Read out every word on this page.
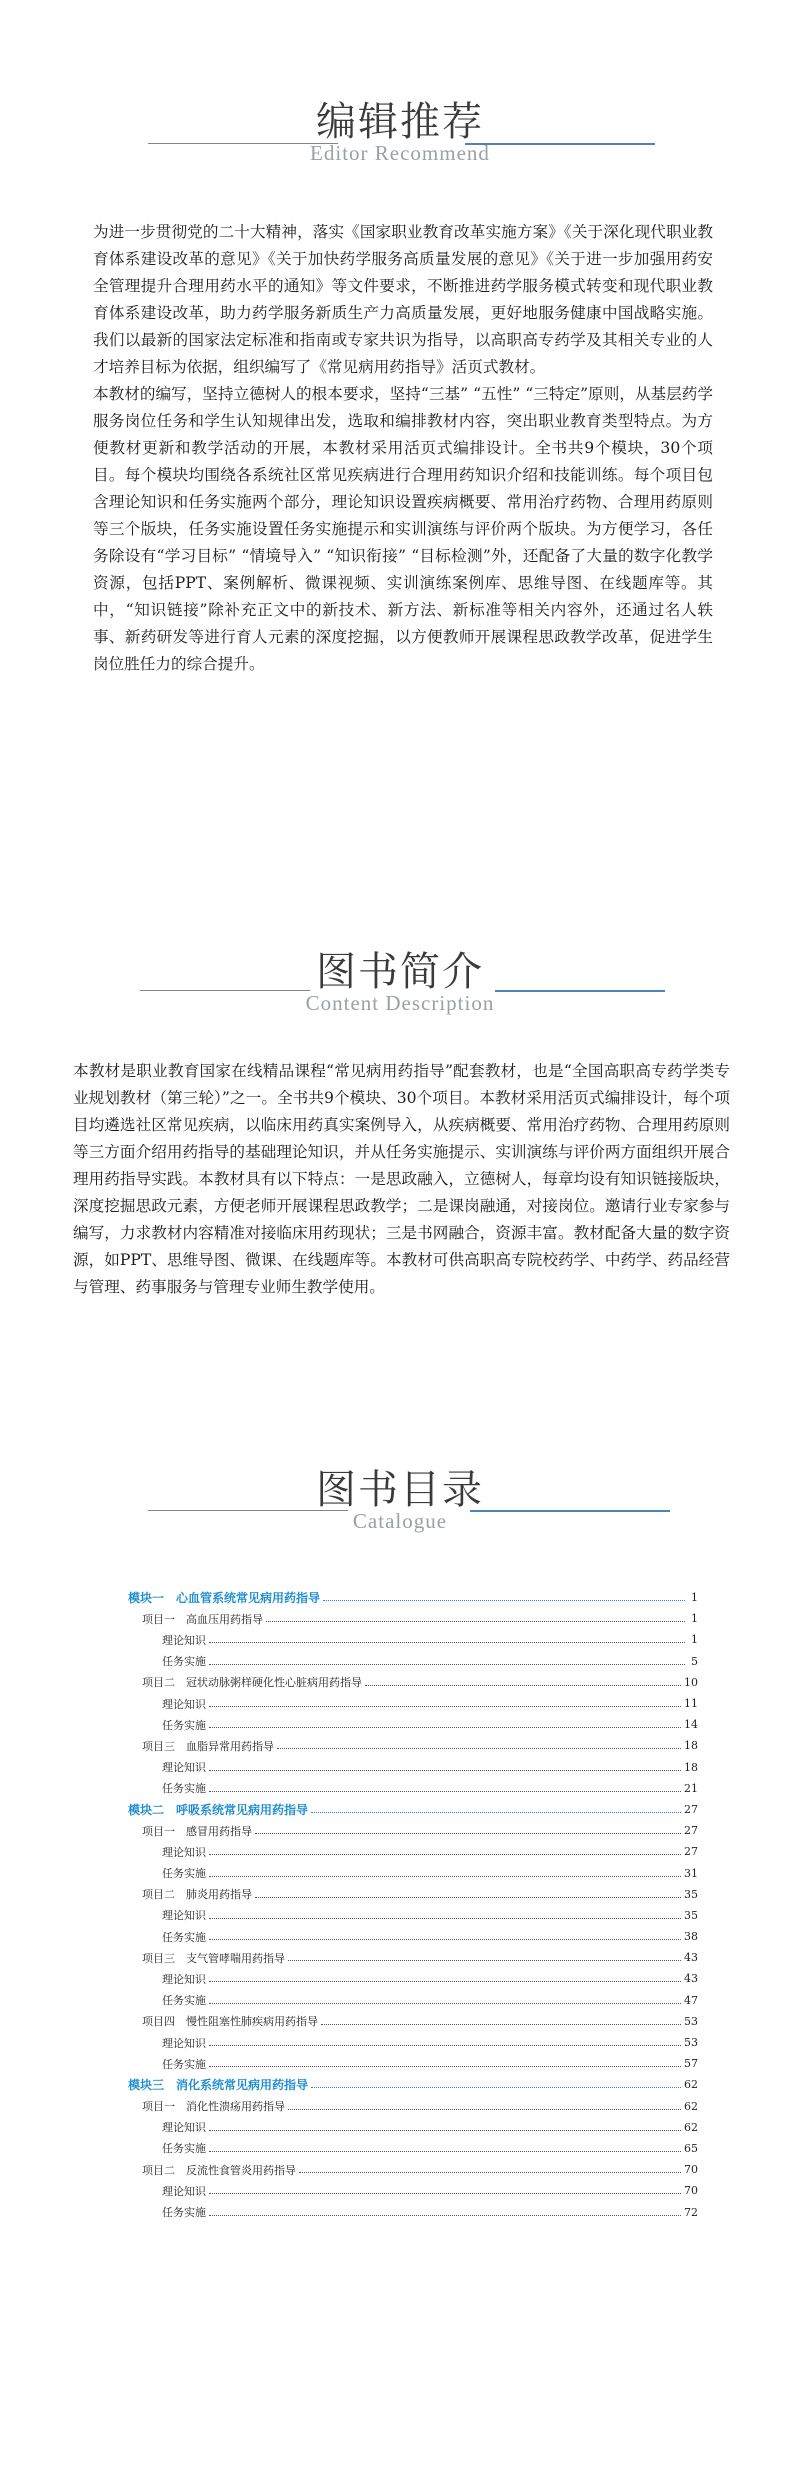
编辑推荐
Editor Recommend

为进一步贯彻党的二十大精神，落实《国家职业教育改革实施方案》《关于深化现代职业教育体系建设改革的意见》《关于加快药学服务高质量发展的意见》《关于进一步加强用药安全管理提升合理用药水平的通知》等文件要求，不断推进药学服务模式转变和现代职业教育体系建设改革，助力药学服务新质生产力高质量发展，更好地服务健康中国战略实施。我们以最新的国家法定标准和指南或专家共识为指导，以高职高专药学及其相关专业的人才培养目标为依据，组织编写了《常见病用药指导》活页式教材。

本教材的编写，坚持立德树人的根本要求，坚持“三基” “五性” “三特定”原则，从基层药学服务岗位任务和学生认知规律出发，选取和编排教材内容，突出职业教育类型特点。为方便教材更新和教学活动的开展，本教材采用活页式编排设计。全书共9个模块，30个项目。每个模块均围绕各系统社区常见疾病进行合理用药知识介绍和技能训练。每个项目包含理论知识和任务实施两个部分，理论知识设置疾病概要、常用治疗药物、合理用药原则等三个版块，任务实施设置任务实施提示和实训演练与评价两个版块。为方便学习，各任务除设有“学习目标” “情境导入” “知识衔接” “目标检测”外，还配备了大量的数字化教学资源，包括PPT、案例解析、微课视频、实训演练案例库、思维导图、在线题库等。其中，“知识链接”除补充正文中的新技术、新方法、新标准等相关内容外，还通过名人轶事、新药研发等进行育人元素的深度挖掘，以方便教师开展课程思政教学改革，促进学生岗位胜任力的综合提升。

图书简介
Content Description

本教材是职业教育国家在线精品课程“常见病用药指导”配套教材，也是“全国高职高专药学类专业规划教材（第三轮）”之一。全书共9个模块、30个项目。本教材采用活页式编排设计，每个项目均遴选社区常见疾病，以临床用药真实案例导入，从疾病概要、常用治疗药物、合理用药原则等三方面介绍用药指导的基础理论知识，并从任务实施提示、实训演练与评价两方面组织开展合理用药指导实践。本教材具有以下特点：一是思政融入，立德树人，每章均设有知识链接版块，深度挖掘思政元素，方便老师开展课程思政教学；二是课岗融通，对接岗位。邀请行业专家参与编写，力求教材内容精准对接临床用药现状；三是书网融合，资源丰富。教材配备大量的数字资源，如PPT、思维导图、微课、在线题库等。本教材可供高职高专院校药学、中药学、药品经营与管理、药事服务与管理专业师生教学使用。

图书目录
Catalogue
模块一　心血管系统常见病用药指导	1
项目一　高血压用药指导	1
理论知识	1
任务实施	5
项目二　冠状动脉粥样硬化性心脏病用药指导	10
理论知识	11
任务实施	14
项目三　血脂异常用药指导	18
理论知识	18
任务实施	21
模块二　呼吸系统常见病用药指导	27
项目一　感冒用药指导	27
理论知识	27
任务实施	31
项目二　肺炎用药指导	35
理论知识	35
任务实施	38
项目三　支气管哮喘用药指导	43
理论知识	43
任务实施	47
项目四　慢性阻塞性肺疾病用药指导	53
理论知识	53
任务实施	57
模块三　消化系统常见病用药指导	62
项目一　消化性溃疡用药指导	62
理论知识	62
任务实施	65
项目二　反流性食管炎用药指导	70
理论知识	70
任务实施	72
